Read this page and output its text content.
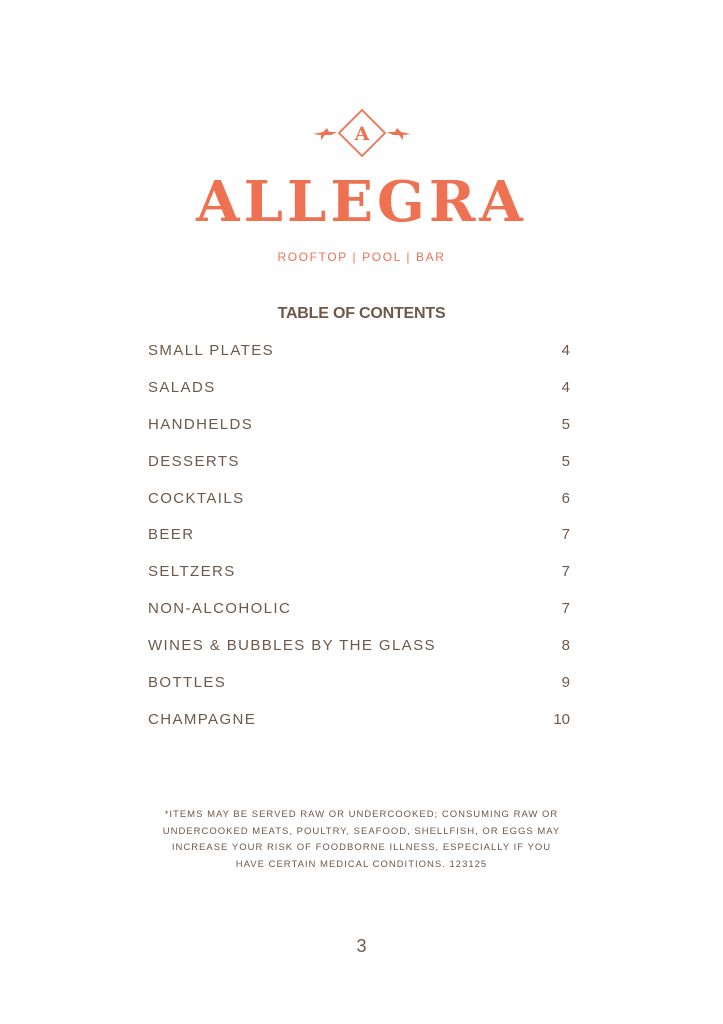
A
ALLEGRA
ROOFTOP | POOL | BAR
TABLE OF CONTENTS
SMALL PLATES	4
SALADS	4
HANDHELDS	5
DESSERTS	5
COCKTAILS	6
BEER	7
SELTZERS	7
NON-ALCOHOLIC	7
WINES & BUBBLES BY THE GLASS	8
BOTTLES	9
CHAMPAGNE	10

*ITEMS MAY BE SERVED RAW OR UNDERCOOKED; CONSUMING RAW OR UNDERCOOKED MEATS, POULTRY, SEAFOOD, SHELLFISH, OR EGGS MAY INCREASE YOUR RISK OF FOODBORNE ILLNESS, ESPECIALLY IF YOU HAVE CERTAIN MEDICAL CONDITIONS. 123125

3
